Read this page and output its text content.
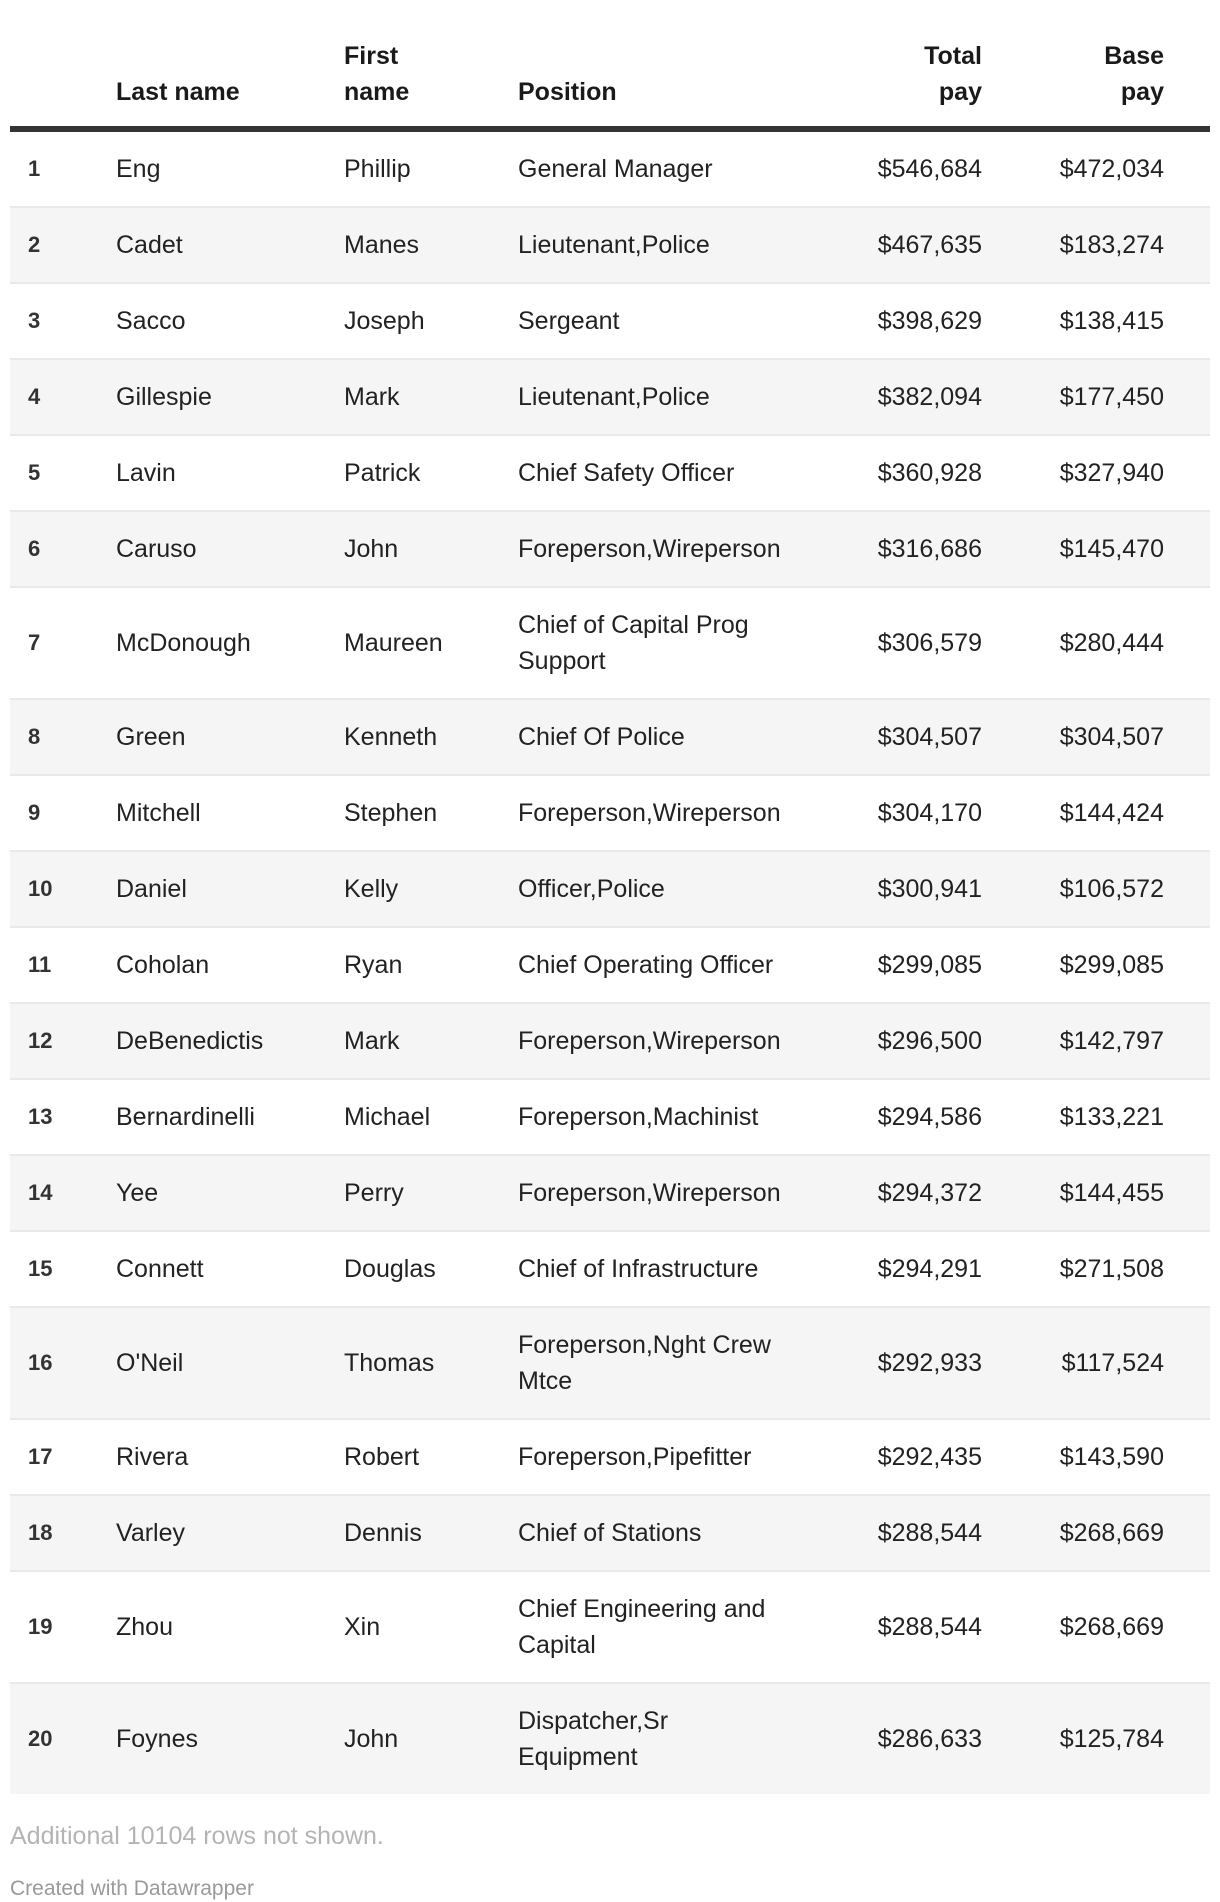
	Last name	First name	Position	Total pay	Base pay
1	Eng	Phillip	General Manager	$546,684	$472,034
2	Cadet	Manes	Lieutenant,Police	$467,635	$183,274
3	Sacco	Joseph	Sergeant	$398,629	$138,415
4	Gillespie	Mark	Lieutenant,Police	$382,094	$177,450
5	Lavin	Patrick	Chief Safety Officer	$360,928	$327,940
6	Caruso	John	Foreperson,Wireperson	$316,686	$145,470
7	McDonough	Maureen	Chief of Capital Prog Support	$306,579	$280,444
8	Green	Kenneth	Chief Of Police	$304,507	$304,507
9	Mitchell	Stephen	Foreperson,Wireperson	$304,170	$144,424
10	Daniel	Kelly	Officer,Police	$300,941	$106,572
11	Coholan	Ryan	Chief Operating Officer	$299,085	$299,085
12	DeBenedictis	Mark	Foreperson,Wireperson	$296,500	$142,797
13	Bernardinelli	Michael	Foreperson,Machinist	$294,586	$133,221
14	Yee	Perry	Foreperson,Wireperson	$294,372	$144,455
15	Connett	Douglas	Chief of Infrastructure	$294,291	$271,508
16	O'Neil	Thomas	Foreperson,Nght Crew Mtce	$292,933	$117,524
17	Rivera	Robert	Foreperson,Pipefitter	$292,435	$143,590
18	Varley	Dennis	Chief of Stations	$288,544	$268,669
19	Zhou	Xin	Chief Engineering and Capital	$288,544	$268,669
20	Foynes	John	Dispatcher,Sr Equipment	$286,633	$125,784

Additional 10104 rows not shown.

Created with Datawrapper
